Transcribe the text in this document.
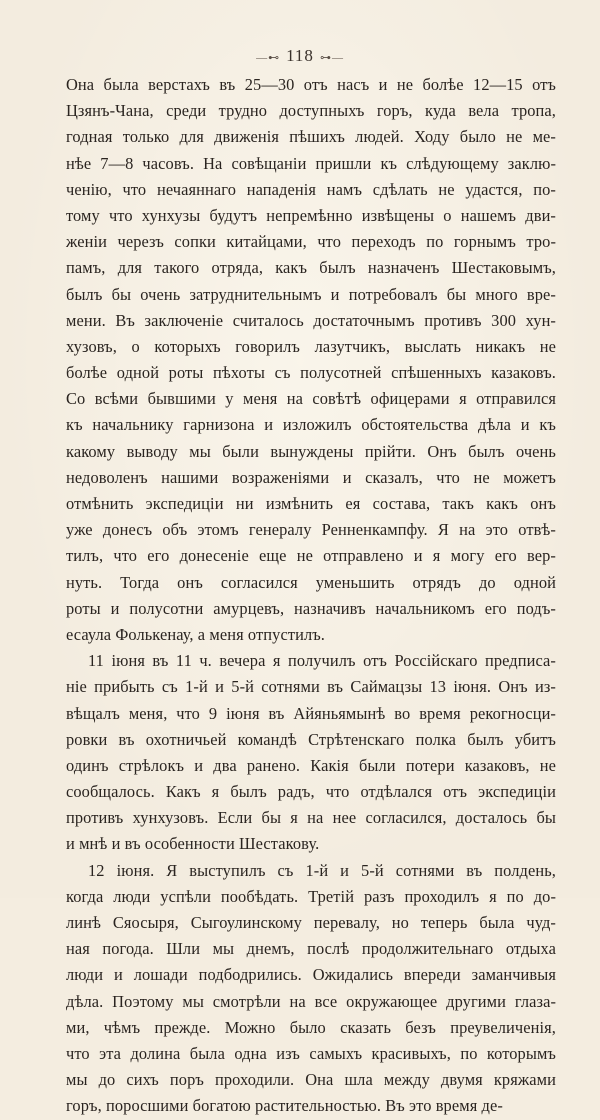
—⊷ 118 ⊶—
Она была верстахъ въ 25—30 отъ насъ и не болѣе 12—15 отъ
Цзянъ-Чана, среди трудно доступныхъ горъ, куда вела тропа,
годная только для движенія пѣшихъ людей. Ходу было не ме-
нѣе 7—8 часовъ. На совѣщаніи пришли къ слѣдующему заклю-
ченію, что нечаяннаго нападенія намъ сдѣлать не удастся, по-
тому что хунхузы будутъ непремѣнно извѣщены о нашемъ дви-
женіи черезъ сопки китайцами, что переходъ по горнымъ тро-
памъ, для такого отряда, какъ былъ назначенъ Шестаковымъ,
былъ бы очень затруднительнымъ и потребовалъ бы много вре-
мени. Въ заключеніе считалось достаточнымъ противъ 300 хун-
хузовъ, о которыхъ говорилъ лазутчикъ, выслать никакъ не
болѣе одной роты пѣхоты съ полусотней спѣшенныхъ казаковъ.
Со всѣми бывшими у меня на совѣтѣ офицерами я отправился
къ начальнику гарнизона и изложилъ обстоятельства дѣла и къ
какому выводу мы были вынуждены прійти. Онъ былъ очень
недоволенъ нашими возраженіями и сказалъ, что не можетъ
отмѣнить экспедиціи ни измѣнить ея состава, такъ какъ онъ
уже донесъ объ этомъ генералу Ренненкампфу. Я на это отвѣ-
тилъ, что его донесеніе еще не отправлено и я могу его вер-
нуть. Тогда онъ согласился уменьшить отрядъ до одной
роты и полусотни амурцевъ, назначивъ начальникомъ его подъ-
есаула Фолькенау, а меня отпустилъ.
11 іюня въ 11 ч. вечера я получилъ отъ Россійскаго предписа-
ніе прибыть съ 1-й и 5-й сотнями въ Саймацзы 13 іюня. Онъ из-
вѣщалъ меня, что 9 іюня въ Айяньямынѣ во время рекогносци-
ровки въ охотничьей командѣ Стрѣтенскаго полка былъ убитъ
одинъ стрѣлокъ и два ранено. Какія были потери казаковъ, не
сообщалось. Какъ я былъ радъ, что отдѣлался отъ экспедиціи
противъ хунхузовъ. Если бы я на нее согласился, досталось бы
и мнѣ и въ особенности Шестакову.
12 іюня. Я выступилъ съ 1-й и 5-й сотнями въ полдень,
когда люди успѣли пообѣдать. Третій разъ проходилъ я по до-
линѣ Сяосыря, Сыгоулинскому перевалу, но теперь была чуд-
ная погода. Шли мы днемъ, послѣ продолжительнаго отдыха
люди и лошади подбодрились. Ожидались впереди заманчивыя
дѣла. Поэтому мы смотрѣли на все окружающее другими глаза-
ми, чѣмъ прежде. Можно было сказать безъ преувеличенія,
что эта долина была одна изъ самыхъ красивыхъ, по которымъ
мы до сихъ поръ проходили. Она шла между двумя кряжами
горъ, поросшими богатою растительностью. Въ это время де-
